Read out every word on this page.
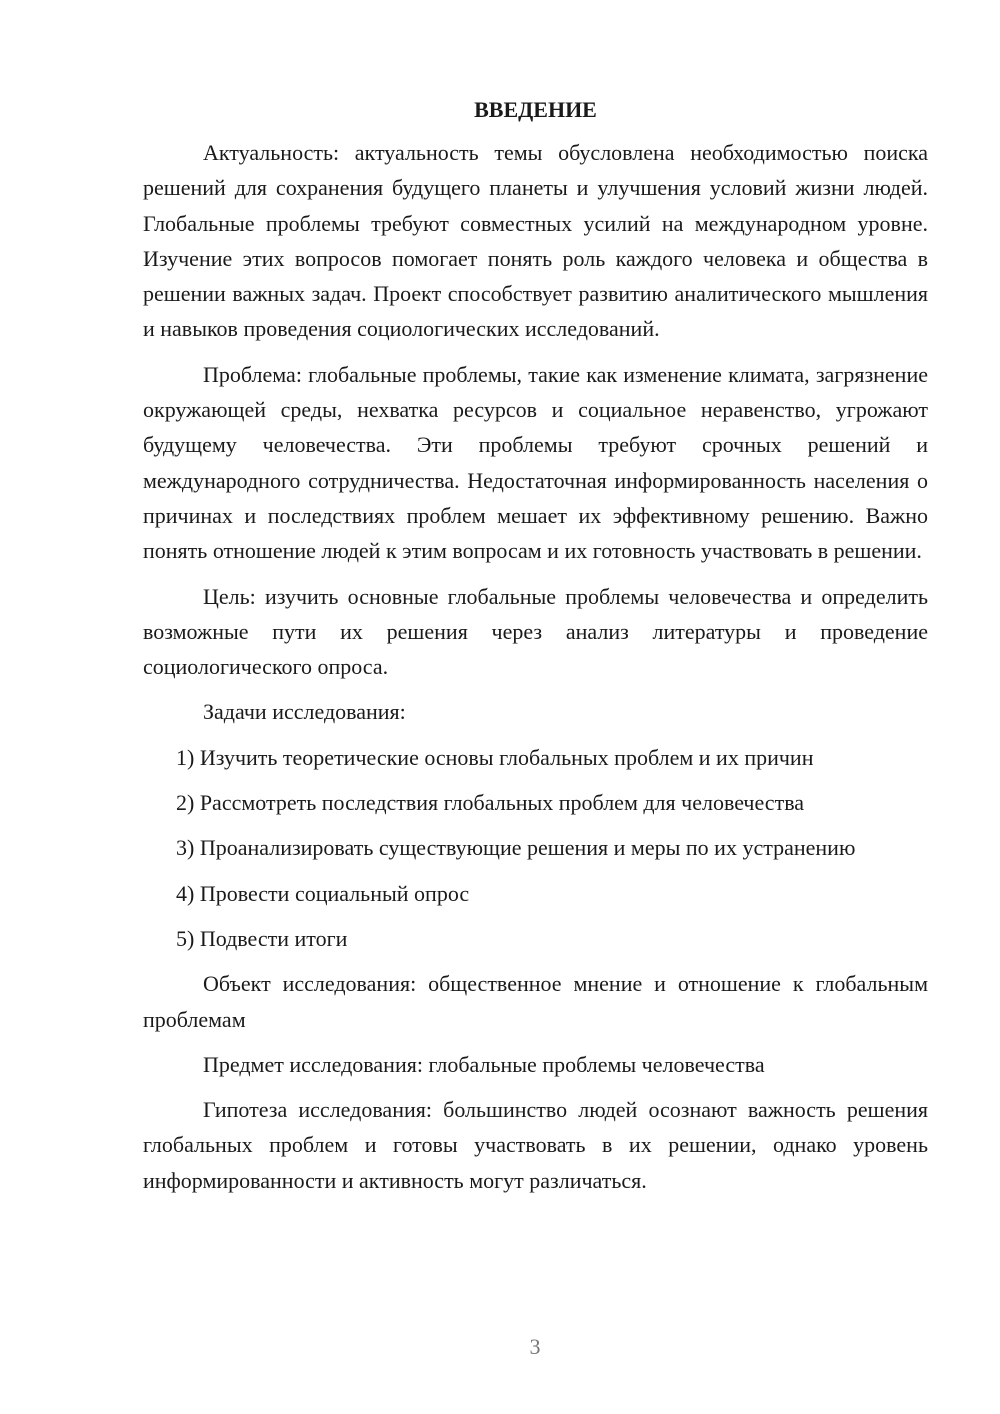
ВВЕДЕНИЕ

Актуальность: актуальность темы обусловлена необходимостью поиска решений для сохранения будущего планеты и улучшения условий жизни людей. Глобальные проблемы требуют совместных усилий на международном уровне. Изучение этих вопросов помогает понять роль каждого человека и общества в решении важных задач. Проект способствует развитию аналитического мышления и навыков проведения социологических исследований.

Проблема: глобальные проблемы, такие как изменение климата, загрязнение окружающей среды, нехватка ресурсов и социальное неравенство, угрожают будущему человечества. Эти проблемы требуют срочных решений и международного сотрудничества. Недостаточная информированность населения о причинах и последствиях проблем мешает их эффективному решению. Важно понять отношение людей к этим вопросам и их готовность участвовать в решении.

Цель: изучить основные глобальные проблемы человечества и определить возможные пути их решения через анализ литературы и проведение социологического опроса.

Задачи исследования:

1) Изучить теоретические основы глобальных проблем и их причин

2) Рассмотреть последствия глобальных проблем для человечества

3) Проанализировать существующие решения и меры по их устранению

4) Провести социальный опрос

5) Подвести итоги

Объект исследования: общественное мнение и отношение к глобальным проблемам

Предмет исследования: глобальные проблемы человечества

Гипотеза исследования: большинство людей осознают важность решения глобальных проблем и готовы участвовать в их решении, однако уровень информированности и активность могут различаться.

3
